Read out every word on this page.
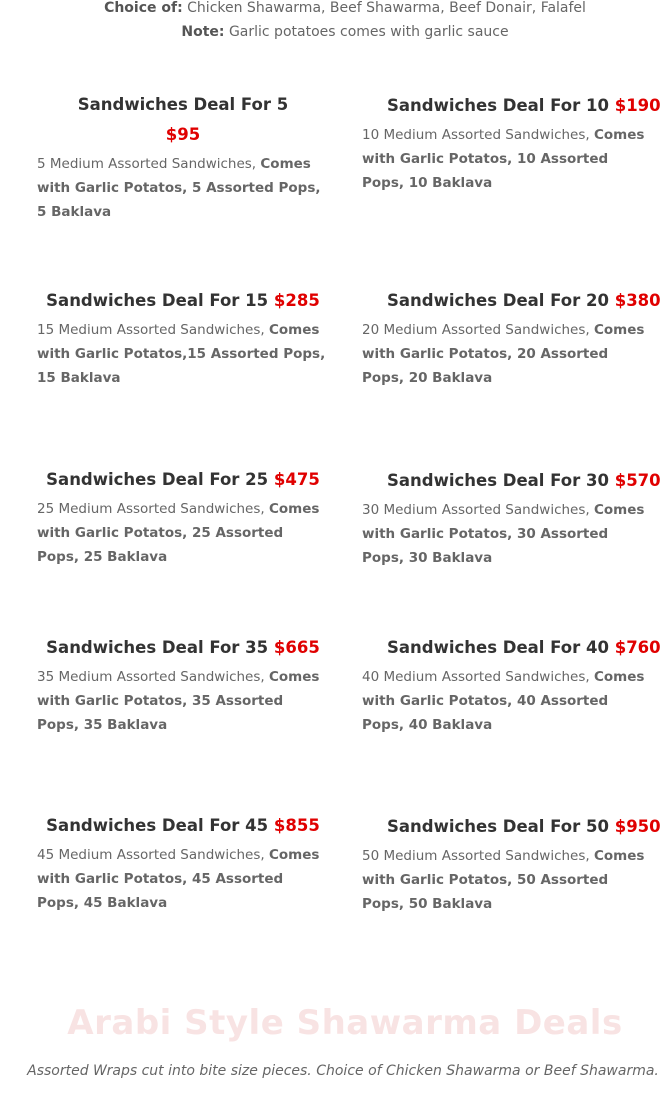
Choice of: Chicken Shawarma, Beef Shawarma, Beef Donair, Falafel
Note: Garlic potatoes comes with garlic sauce
Sandwiches Deal For 5
$95
5 Medium Assorted Sandwiches, Comes with Garlic Potatos, 5 Assorted Pops, 5 Baklava
Sandwiches Deal For 10 $190
10 Medium Assorted Sandwiches, Comes with Garlic Potatos, 10 Assorted Pops, 10 Baklava
Sandwiches Deal For 15 $285
15 Medium Assorted Sandwiches, Comes with Garlic Potatos,15 Assorted Pops, 15 Baklava
Sandwiches Deal For 20 $380
20 Medium Assorted Sandwiches, Comes with Garlic Potatos, 20 Assorted Pops, 20 Baklava
Sandwiches Deal For 25 $475
25 Medium Assorted Sandwiches, Comes with Garlic Potatos, 25 Assorted Pops, 25 Baklava
Sandwiches Deal For 30 $570
30 Medium Assorted Sandwiches, Comes with Garlic Potatos, 30 Assorted Pops, 30 Baklava
Sandwiches Deal For 35 $665
35 Medium Assorted Sandwiches, Comes with Garlic Potatos, 35 Assorted Pops, 35 Baklava
Sandwiches Deal For 40 $760
40 Medium Assorted Sandwiches, Comes with Garlic Potatos, 40 Assorted Pops, 40 Baklava
Sandwiches Deal For 45 $855
45 Medium Assorted Sandwiches, Comes with Garlic Potatos, 45 Assorted Pops, 45 Baklava
Sandwiches Deal For 50 $950
50 Medium Assorted Sandwiches, Comes with Garlic Potatos, 50 Assorted Pops, 50 Baklava
Arabi Style Shawarma Deals
Assorted Wraps cut into bite size pieces. Choice of Chicken Shawarma or Beef Shawarma.
